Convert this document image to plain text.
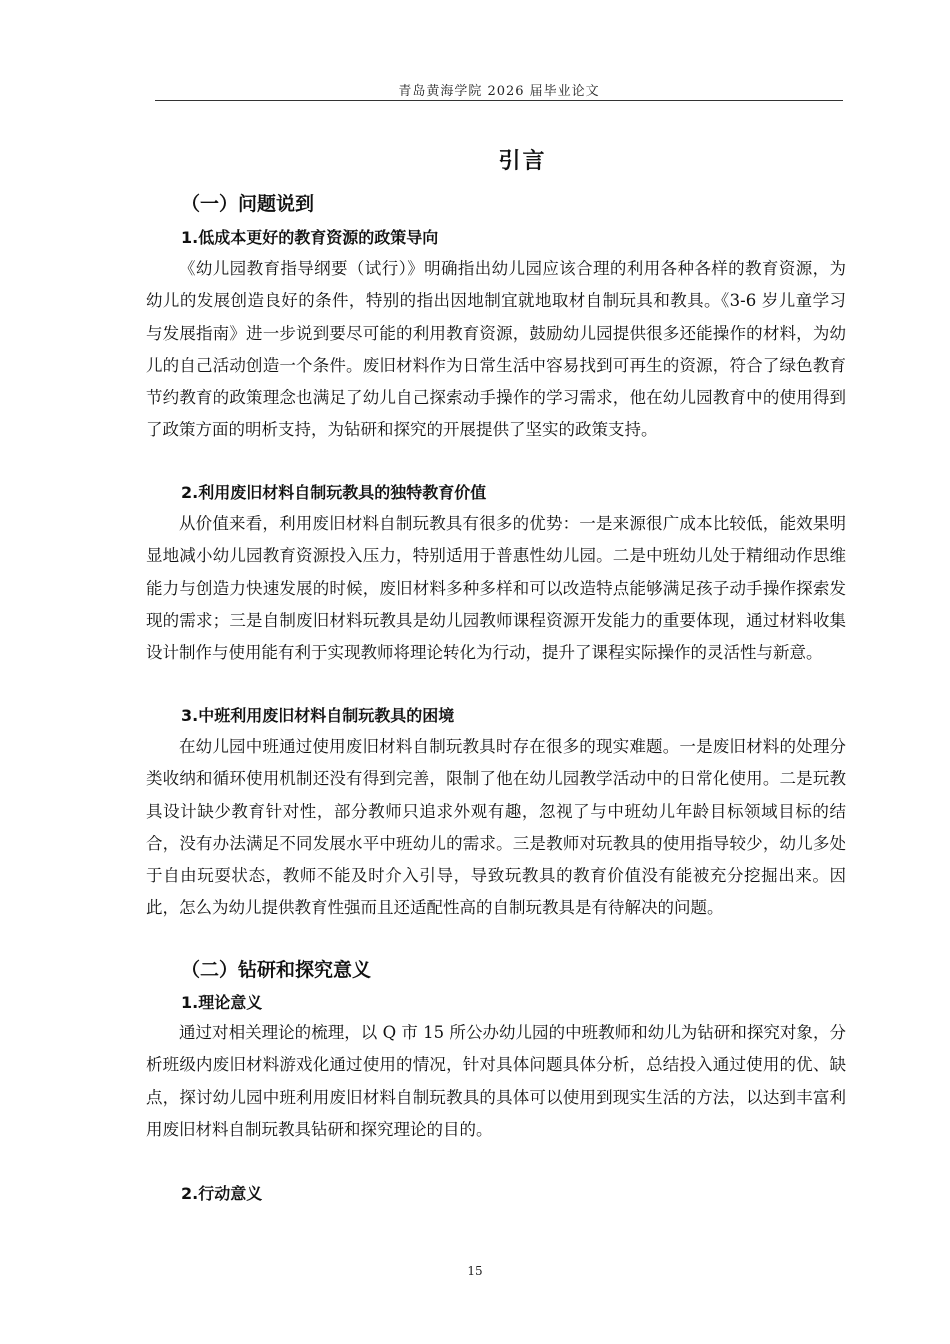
青岛黄海学院 2026 届毕业论文
引言
（一）问题说到
1.低成本更好的教育资源的政策导向

《幼儿园教育指导纲要（试行）》明确指出幼儿园应该合理的利用各种各样的教育资源，为幼儿的发展创造良好的条件，特别的指出因地制宜就地取材自制玩具和教具。《3-6 岁儿童学习与发展指南》进一步说到要尽可能的利用教育资源，鼓励幼儿园提供很多还能操作的材料，为幼儿的自己活动创造一个条件。废旧材料作为日常生活中容易找到可再生的资源，符合了绿色教育节约教育的政策理念也满足了幼儿自己探索动手操作的学习需求，他在幼儿园教育中的使用得到了政策方面的明析支持，为钻研和探究的开展提供了坚实的政策支持。

2.利用废旧材料自制玩教具的独特教育价值

从价值来看，利用废旧材料自制玩教具有很多的优势：一是来源很广成本比较低，能效果明显地减小幼儿园教育资源投入压力，特别适用于普惠性幼儿园。二是中班幼儿处于精细动作思维能力与创造力快速发展的时候，废旧材料多种多样和可以改造特点能够满足孩子动手操作探索发现的需求；三是自制废旧材料玩教具是幼儿园教师课程资源开发能力的重要体现，通过材料收集设计制作与使用能有利于实现教师将理论转化为行动，提升了课程实际操作的灵活性与新意。

3.中班利用废旧材料自制玩教具的困境

在幼儿园中班通过使用废旧材料自制玩教具时存在很多的现实难题。一是废旧材料的处理分类收纳和循环使用机制还没有得到完善，限制了他在幼儿园教学活动中的日常化使用。二是玩教具设计缺少教育针对性，部分教师只追求外观有趣，忽视了与中班幼儿年龄目标领域目标的结合，没有办法满足不同发展水平中班幼儿的需求。三是教师对玩教具的使用指导较少，幼儿多处于自由玩耍状态，教师不能及时介入引导，导致玩教具的教育价值没有能被充分挖掘出来。因此，怎么为幼儿提供教育性强而且还适配性高的自制玩教具是有待解决的问题。

（二）钻研和探究意义
1.理论意义

通过对相关理论的梳理，以 Q 市 15 所公办幼儿园的中班教师和幼儿为钻研和探究对象，分析班级内废旧材料游戏化通过使用的情况，针对具体问题具体分析，总结投入通过使用的优、缺点，探讨幼儿园中班利用废旧材料自制玩教具的具体可以使用到现实生活的方法，以达到丰富利用废旧材料自制玩教具钻研和探究理论的目的。

2.行动意义
15
